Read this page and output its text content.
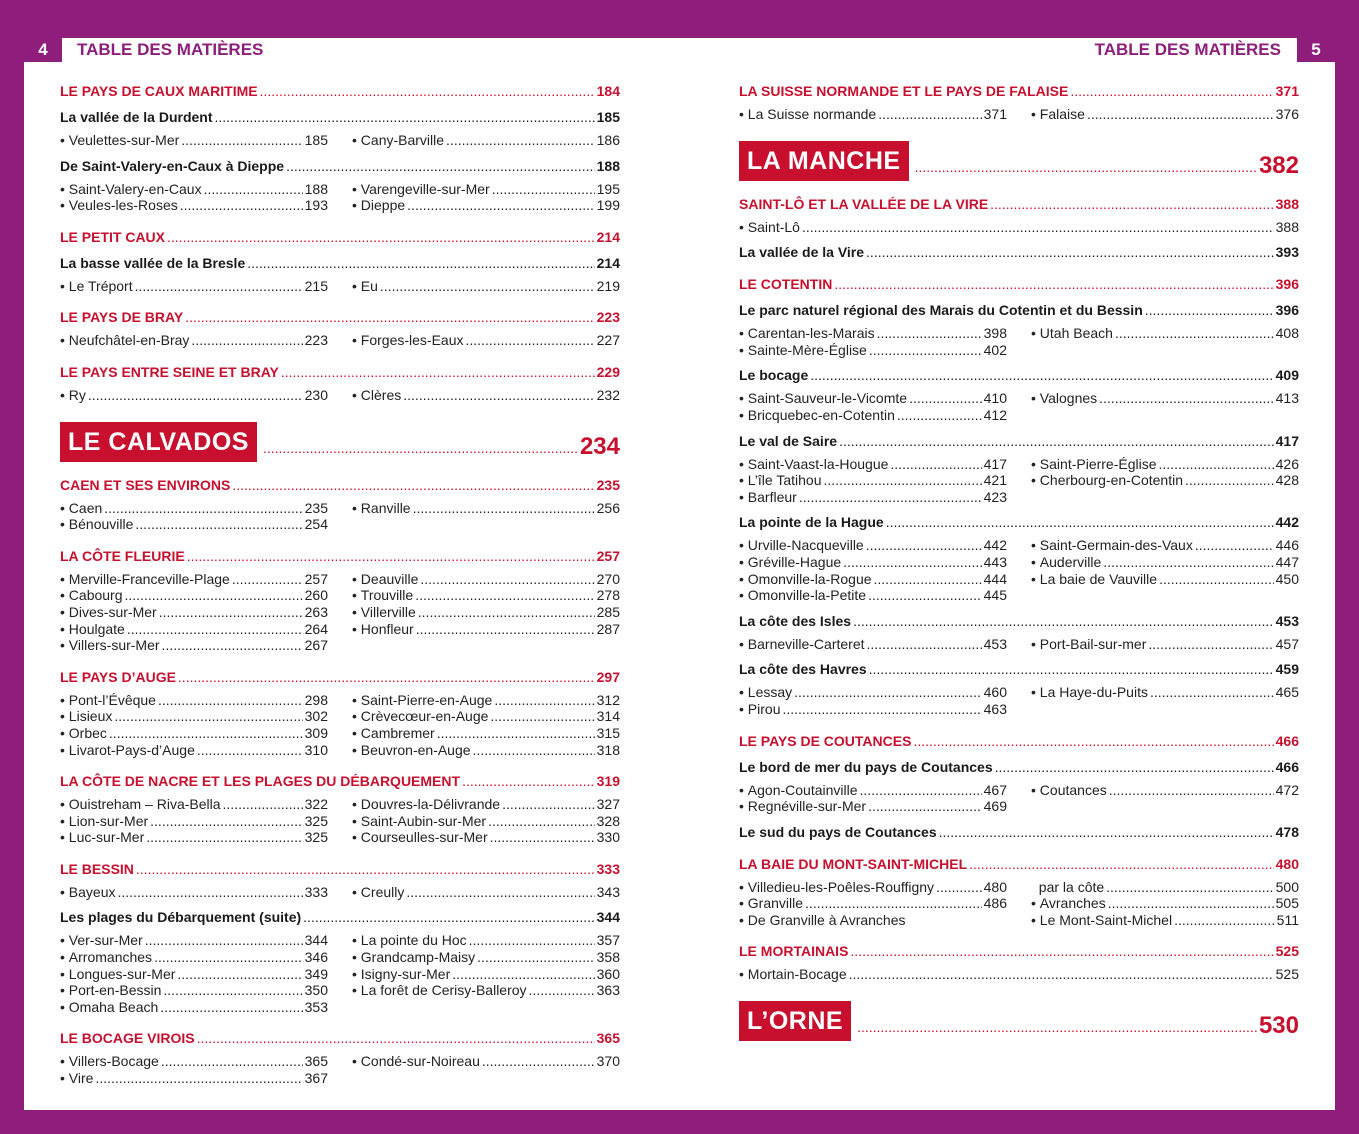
4	TABLE DES MATIÈRES
LE PAYS DE CAUX MARITIME .....	184
La vallée de la Durdent .....	185
• Veulettes-sur-Mer .....	185	• Cany-Barville .....	186
De Saint-Valery-en-Caux à Dieppe .....	188
• Saint-Valery-en-Caux .....	188
• Veules-les-Roses .....	193
• Varengeville-sur-Mer .....	195
• Dieppe .....	199
LE PETIT CAUX .....	214
La basse vallée de la Bresle .....	214
• Le Tréport .....	215	• Eu .....	219
LE PAYS DE BRAY .....	223
• Neufchâtel-en-Bray .....	223	• Forges-les-Eaux .....	227
LE PAYS ENTRE SEINE ET BRAY .....	229
• Ry .....	230	• Clères .....	232
LE CALVADOS .....	234
CAEN ET SES ENVIRONS .....	235
• Caen .....	235
• Bénouville .....	254
• Ranville .....	256
LA CÔTE FLEURIE .....	257
• Merville-Franceville-Plage .....	257
• Cabourg .....	260
• Dives-sur-Mer .....	263
• Houlgate .....	264
• Villers-sur-Mer .....	267
• Deauville .....	270
• Trouville .....	278
• Villerville .....	285
• Honfleur .....	287
LE PAYS D’AUGE .....	297
• Pont-l’Évêque .....	298
• Lisieux .....	302
• Orbec .....	309
• Livarot-Pays-d’Auge .....	310
• Saint-Pierre-en-Auge .....	312
• Crèvecœur-en-Auge .....	314
• Cambremer .....	315
• Beuvron-en-Auge .....	318
LA CÔTE DE NACRE ET LES PLAGES DU DÉBARQUEMENT .....	319
• Ouistreham – Riva-Bella .....	322
• Lion-sur-Mer .....	325
• Luc-sur-Mer .....	325
• Douvres-la-Délivrande .....	327
• Saint-Aubin-sur-Mer .....	328
• Courseulles-sur-Mer .....	330
LE BESSIN .....	333
• Bayeux .....	333	• Creully .....	343
Les plages du Débarquement (suite) .....	344
• Ver-sur-Mer .....	344
• Arromanches .....	346
• Longues-sur-Mer .....	349
• Port-en-Bessin .....	350
• Omaha Beach .....	353
• La pointe du Hoc .....	357
• Grandcamp-Maisy .....	358
• Isigny-sur-Mer .....	360
• La forêt de Cerisy-Balleroy .....	363
LE BOCAGE VIROIS .....	365
• Villers-Bocage .....	365
• Vire .....	367
• Condé-sur-Noireau .....	370
TABLE DES MATIÈRES	5
LA SUISSE NORMANDE ET LE PAYS DE FALAISE .....	371
• La Suisse normande .....	371	• Falaise .....	376
LA MANCHE .....	382
SAINT-LÔ ET LA VALLÉE DE LA VIRE .....	388
• Saint-Lô .....	388
La vallée de la Vire .....	393
LE COTENTIN .....	396
Le parc naturel régional des Marais du Cotentin et du Bessin .....	396
• Carentan-les-Marais .....	398
• Sainte-Mère-Église .....	402
• Utah Beach .....	408
Le bocage .....	409
• Saint-Sauveur-le-Vicomte .....	410
• Bricquebec-en-Cotentin .....	412
• Valognes .....	413
Le val de Saire .....	417
• Saint-Vaast-la-Hougue .....	417
• L’île Tatihou .....	421
• Barfleur .....	423
• Saint-Pierre-Église .....	426
• Cherbourg-en-Cotentin .....	428
La pointe de la Hague .....	442
• Urville-Nacqueville .....	442
• Gréville-Hague .....	443
• Omonville-la-Rogue .....	444
• Omonville-la-Petite .....	445
• Saint-Germain-des-Vaux .....	446
• Auderville .....	447
• La baie de Vauville .....	450
La côte des Isles .....	453
• Barneville-Carteret .....	453	• Port-Bail-sur-mer .....	457
La côte des Havres .....	459
• Lessay .....	460
• Pirou .....	463
• La Haye-du-Puits .....	465
LE PAYS DE COUTANCES .....	466
Le bord de mer du pays de Coutances .....	466
• Agon-Coutainville .....	467
• Regnéville-sur-Mer .....	469
• Coutances .....	472
Le sud du pays de Coutances .....	478
LA BAIE DU MONT-SAINT-MICHEL .....	480
• Villedieu-les-Poêles-Rouffigny .....	480
• Granville .....	486
• De Granville à Avranches
par la côte .....	500
• Avranches .....	505
• Le Mont-Saint-Michel .....	511
LE MORTAINAIS .....	525
• Mortain-Bocage .....	525
L’ORNE .....	530
